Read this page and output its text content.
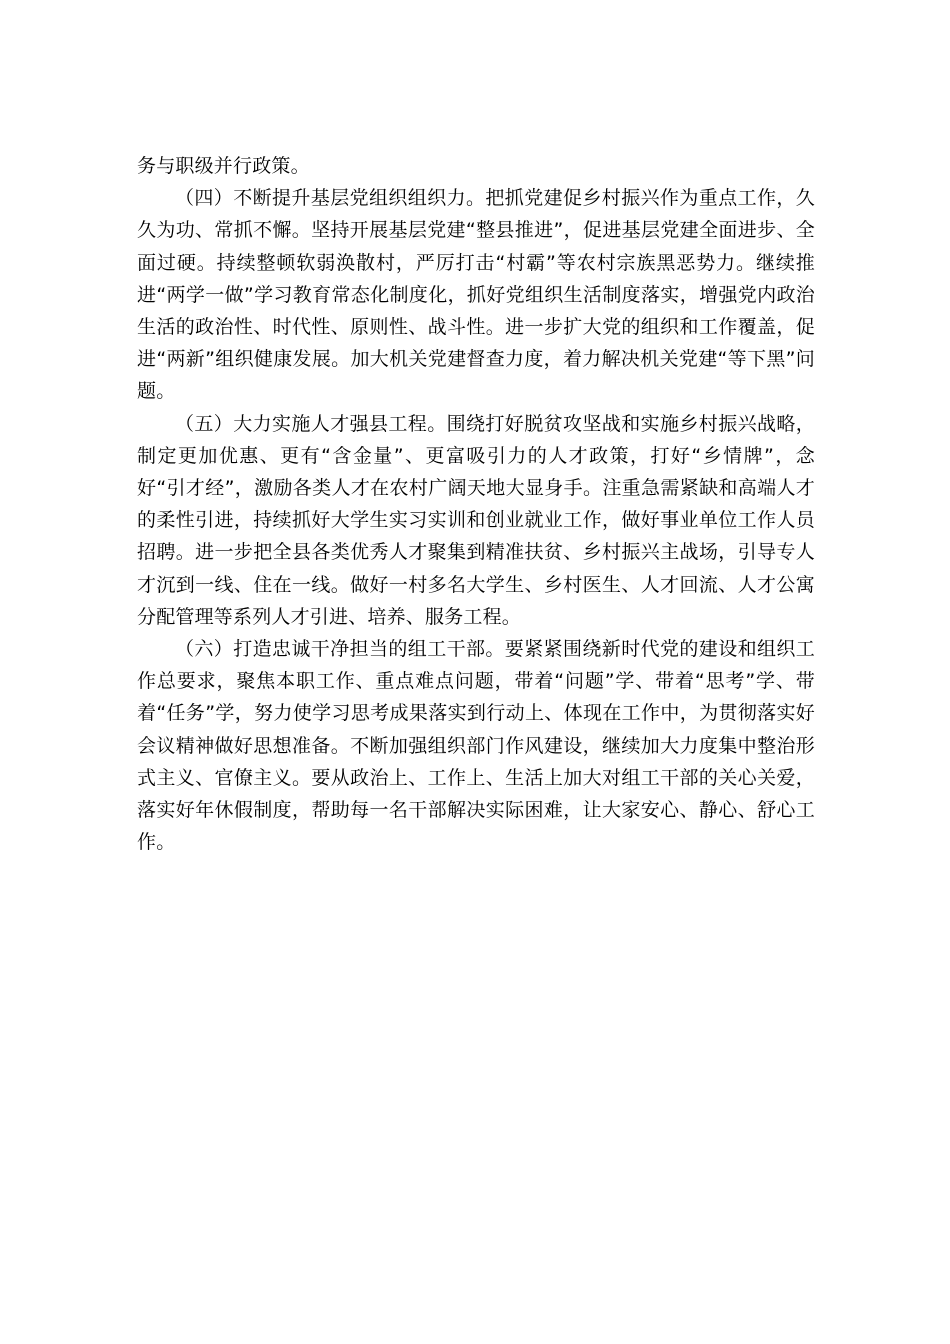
务与职级并行政策。

（四）不断提升基层党组织组织力。把抓党建促乡村振兴作为重点工作，久久为功、常抓不懈。坚持开展基层党建“整县推进”，促进基层党建全面进步、全面过硬。持续整顿软弱涣散村，严厉打击“村霸”等农村宗族黑恶势力。继续推进“两学一做”学习教育常态化制度化，抓好党组织生活制度落实，增强党内政治生活的政治性、时代性、原则性、战斗性。进一步扩大党的组织和工作覆盖，促进“两新”组织健康发展。加大机关党建督查力度，着力解决机关党建“等下黑”问题。

（五）大力实施人才强县工程。围绕打好脱贫攻坚战和实施乡村振兴战略，制定更加优惠、更有“含金量”、更富吸引力的人才政策，打好“乡情牌”，念好“引才经”，激励各类人才在农村广阔天地大显身手。注重急需紧缺和高端人才的柔性引进，持续抓好大学生实习实训和创业就业工作，做好事业单位工作人员招聘。进一步把全县各类优秀人才聚集到精准扶贫、乡村振兴主战场，引导专人才沉到一线、住在一线。做好一村多名大学生、乡村医生、人才回流、人才公寓分配管理等系列人才引进、培养、服务工程。

（六）打造忠诚干净担当的组工干部。要紧紧围绕新时代党的建设和组织工作总要求，聚焦本职工作、重点难点问题，带着“问题”学、带着“思考”学、带着“任务”学，努力使学习思考成果落实到行动上、体现在工作中，为贯彻落实好会议精神做好思想准备。不断加强组织部门作风建设，继续加大力度集中整治形式主义、官僚主义。要从政治上、工作上、生活上加大对组工干部的关心关爱，落实好年休假制度，帮助每一名干部解决实际困难，让大家安心、静心、舒心工作。
